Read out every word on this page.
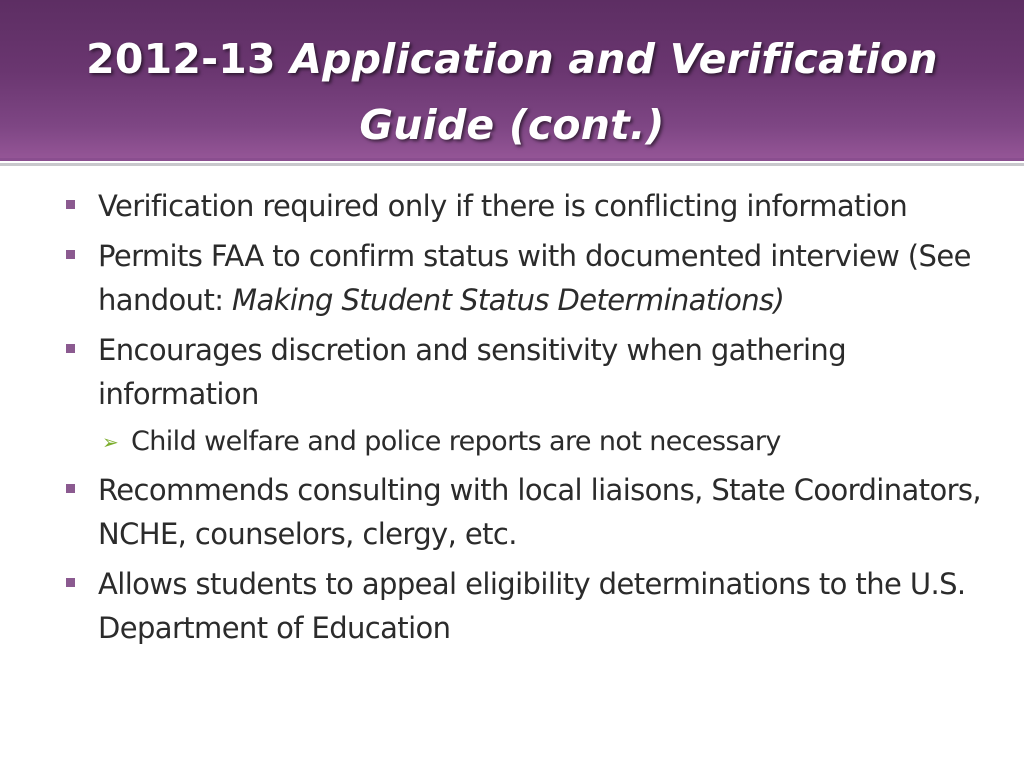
2012-13 Application and Verification
Guide (cont.)
Verification required only if there is conflicting information
Permits FAA to confirm status with documented interview (See handout: Making Student Status Determinations)
Encourages discretion and sensitivity when gathering information
➢ Child welfare and police reports are not necessary
Recommends consulting with local liaisons, State Coordinators, NCHE, counselors, clergy, etc.
Allows students to appeal eligibility determinations to the U.S. Department of Education
